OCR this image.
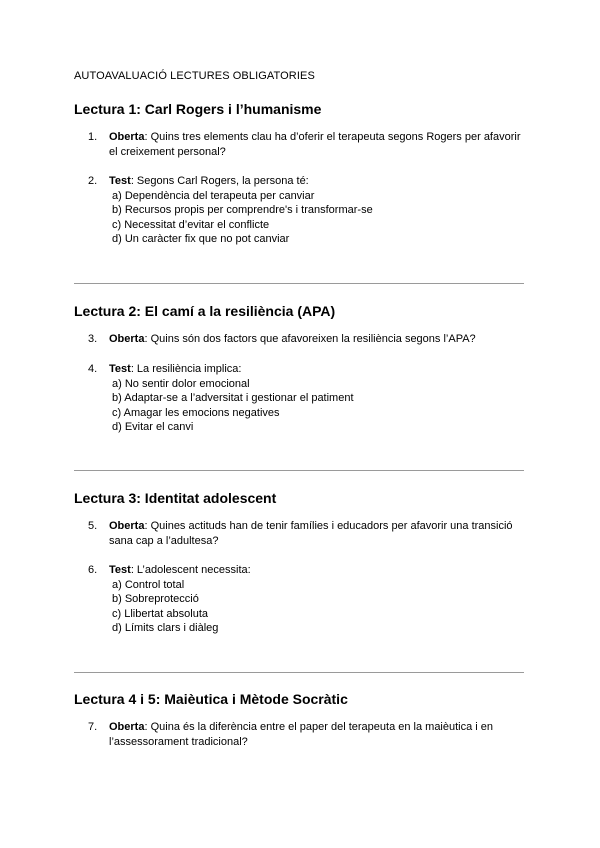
AUTOAVALUACIÓ LECTURES OBLIGATORIES
Lectura 1: Carl Rogers i l’humanisme
1.	Oberta: Quins tres elements clau ha d’oferir el terapeuta segons Rogers per afavorir el creixement personal?
2.	Test: Segons Carl Rogers, la persona té:
a) Dependència del terapeuta per canviar
b) Recursos propis per comprendre's i transformar-se
c) Necessitat d’evitar el conflicte
d) Un caràcter fix que no pot canviar
Lectura 2: El camí a la resiliència (APA)
3.	Oberta: Quins són dos factors que afavoreixen la resiliència segons l’APA?
4.	Test: La resiliència implica:
a) No sentir dolor emocional
b) Adaptar-se a l’adversitat i gestionar el patiment
c) Amagar les emocions negatives
d) Evitar el canvi
Lectura 3: Identitat adolescent
5.	Oberta: Quines actituds han de tenir famílies i educadors per afavorir una transició sana cap a l’adultesa?
6.	Test: L’adolescent necessita:
a) Control total
b) Sobreprotecció
c) Llibertat absoluta
d) Límits clars i diàleg
Lectura 4 i 5: Maièutica i Mètode Socràtic
7.	Oberta: Quina és la diferència entre el paper del terapeuta en la maièutica i en l’assessorament tradicional?
